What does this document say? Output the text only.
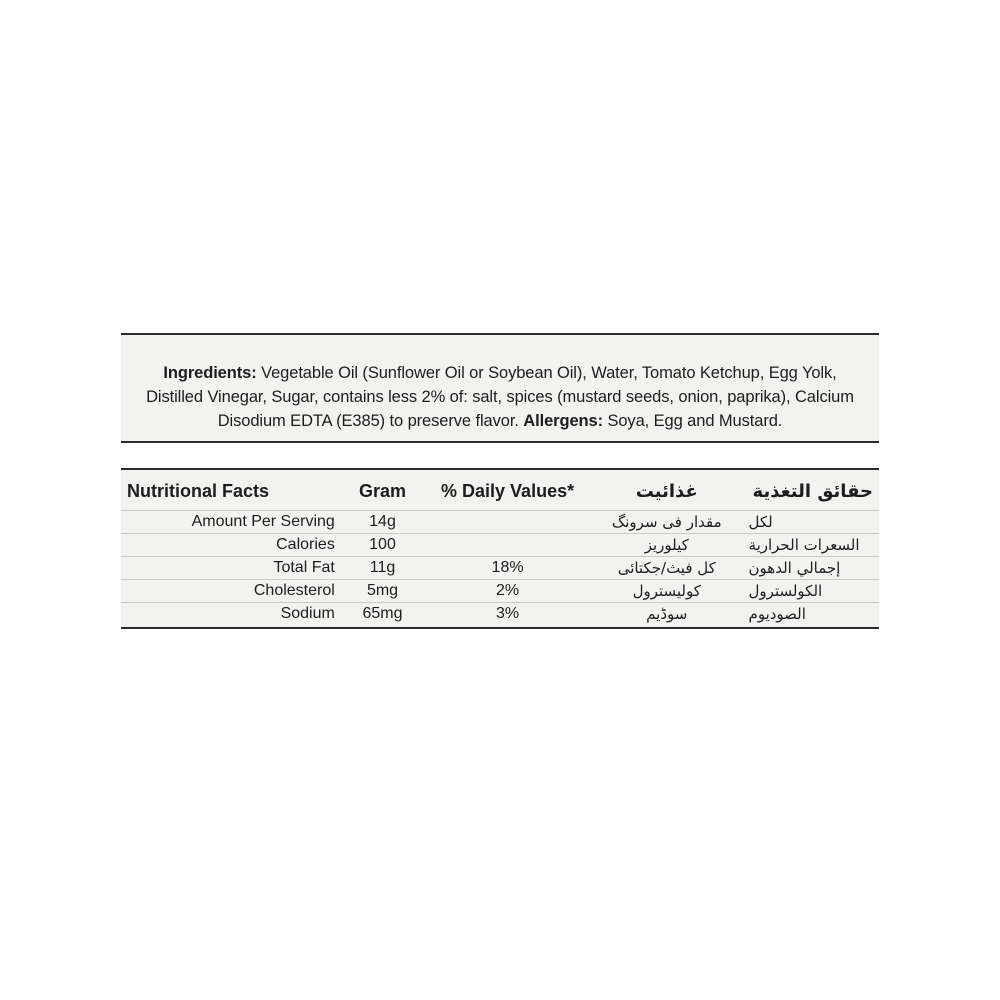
Ingredients: Vegetable Oil (Sunflower Oil or Soybean Oil), Water, Tomato Ketchup, Egg Yolk, Distilled Vinegar, Sugar, contains less 2% of: salt, spices (mustard seeds, onion, paprika), Calcium Disodium EDTA (E385) to preserve flavor. Allergens: Soya, Egg and Mustard.

Nutritional Facts	Gram	% Daily Values*	غذائيت	حقائق التغذية
Amount Per Serving	14g		مقدار فى سرونگ	لكل
Calories	100		كيلوريز	السعرات الحرارية
Total Fat	11g	18%	كل فيث/جكتائى	إجمالي الدهون
Cholesterol	5mg	2%	كوليسترول	الكولسترول
Sodium	65mg	3%	سوڈيم	الصوديوم
